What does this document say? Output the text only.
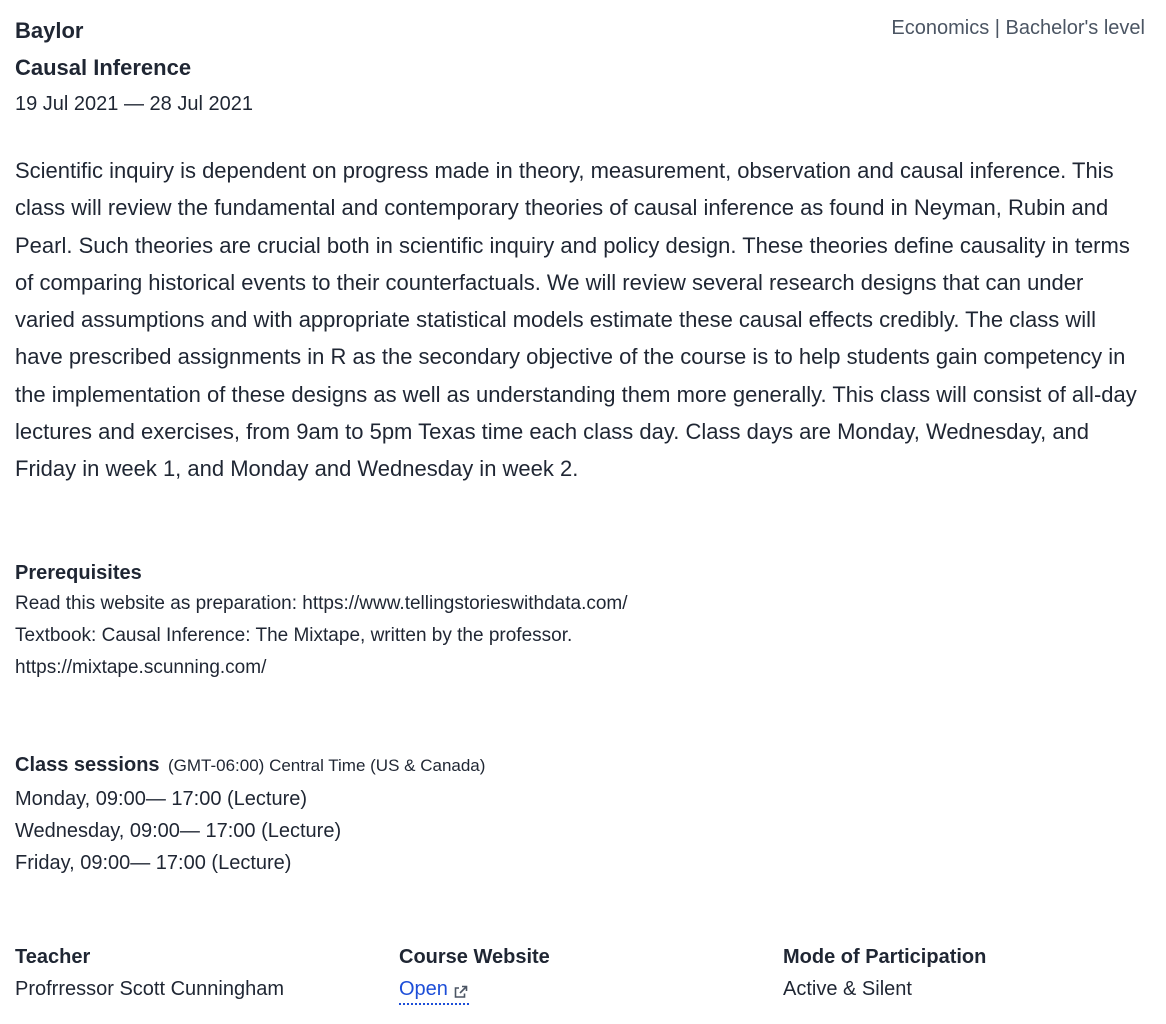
Baylor
Causal Inference
19 Jul 2021 — 28 Jul 2021
Economics | Bachelor's level

Scientific inquiry is dependent on progress made in theory, measurement, observation and causal inference. This class will review the fundamental and contemporary theories of causal inference as found in Neyman, Rubin and Pearl. Such theories are crucial both in scientific inquiry and policy design. These theories define causality in terms of comparing historical events to their counterfactuals. We will review several research designs that can under varied assumptions and with appropriate statistical models estimate these causal effects credibly. The class will have prescribed assignments in R as the secondary objective of the course is to help students gain competency in the implementation of these designs as well as understanding them more generally. This class will consist of all-day lectures and exercises, from 9am to 5pm Texas time each class day. Class days are Monday, Wednesday, and Friday in week 1, and Monday and Wednesday in week 2.

Prerequisites
Read this website as preparation: https://www.tellingstorieswithdata.com/
Textbook: Causal Inference: The Mixtape, written by the professor.
https://mixtape.scunning.com/
Class sessions (GMT-06:00) Central Time (US & Canada)
Monday, 09:00— 17:00 (Lecture)
Wednesday, 09:00— 17:00 (Lecture)
Friday, 09:00— 17:00 (Lecture)
Teacher
Profrressor Scott Cunningham
Course Website
Open
Mode of Participation
Active & Silent
